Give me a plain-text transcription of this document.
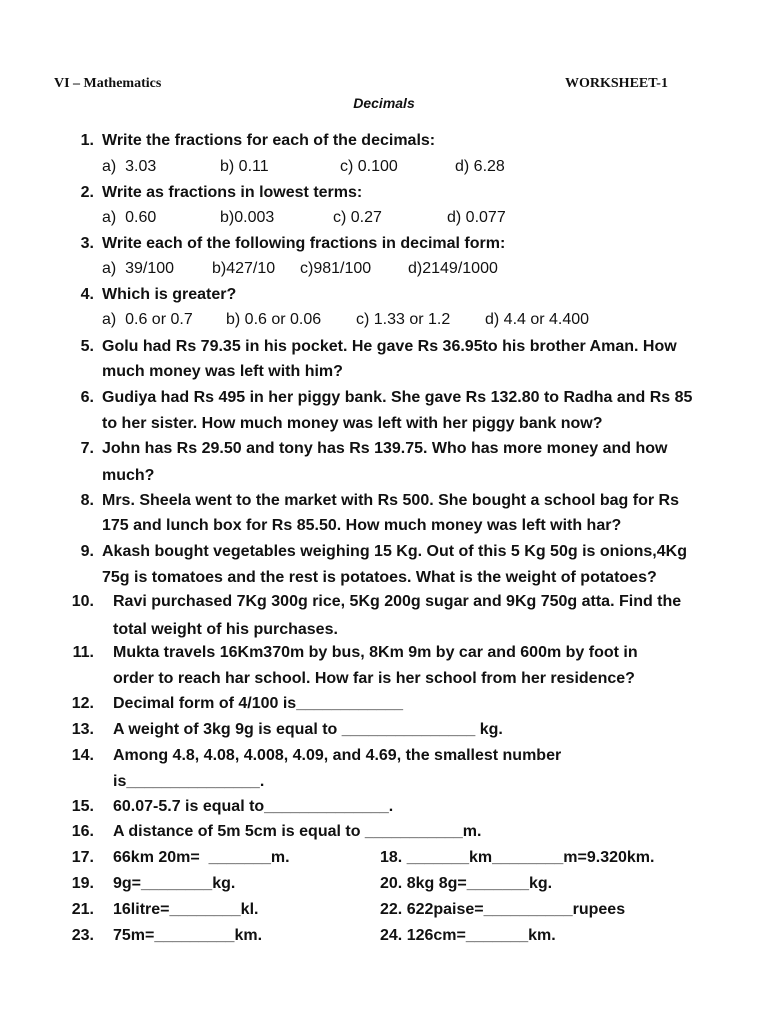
VI – Mathematics	WORKSHEET-1
Decimals
1. Write the fractions for each of the decimals:
a)  3.03	b) 0.11	c) 0.100	d) 6.28
2. Write as fractions in lowest terms:
a)  0.60	b)0.003	c) 0.27	d) 0.077
3. Write each of the following fractions in decimal form:
a)  39/100 b)427/10 c)981/100 d)2149/1000
4. Which is greater?
a)  0.6 or 0.7 b) 0.6 or 0.06 c) 1.33 or 1.2 d) 4.4 or 4.400
5. Golu had Rs 79.35 in his pocket. He gave Rs 36.95to his brother Aman. How
much money was left with him?
6. Gudiya had Rs 495 in her piggy bank. She gave Rs 132.80 to Radha and Rs 85
to her sister. How much money was left with her piggy bank now?
7. John has Rs 29.50 and tony has Rs 139.75. Who has more money and how
much?
8. Mrs. Sheela went to the market with Rs 500. She bought a school bag for Rs
175 and lunch box for Rs 85.50. How much money was left with har?
9. Akash bought vegetables weighing 15 Kg. Out of this 5 Kg 50g is onions,4Kg
75g is tomatoes and the rest is potatoes. What is the weight of potatoes?
10. Ravi purchased 7Kg 300g rice, 5Kg 200g sugar and 9Kg 750g atta. Find the
total weight of his purchases.
11. Mukta travels 16Km370m by bus, 8Km 9m by car and 600m by foot in
order to reach har school. How far is her school from her residence?
12. Decimal form of 4/100 is____________
13. A weight of 3kg 9g is equal to _______________ kg.
14. Among 4.8, 4.08, 4.008, 4.09, and 4.69, the smallest number
is_______________.
15. 60.07-5.7 is equal to______________.
16. A distance of 5m 5cm is equal to ___________m.
17. 66km 20m=  _______m.	18. _______km________m=9.320km.
19. 9g=________kg.	20. 8kg 8g=_______kg.
21. 16litre=________kl.	22. 622paise=__________rupees
23. 75m=_________km.	24. 126cm=_______km.
